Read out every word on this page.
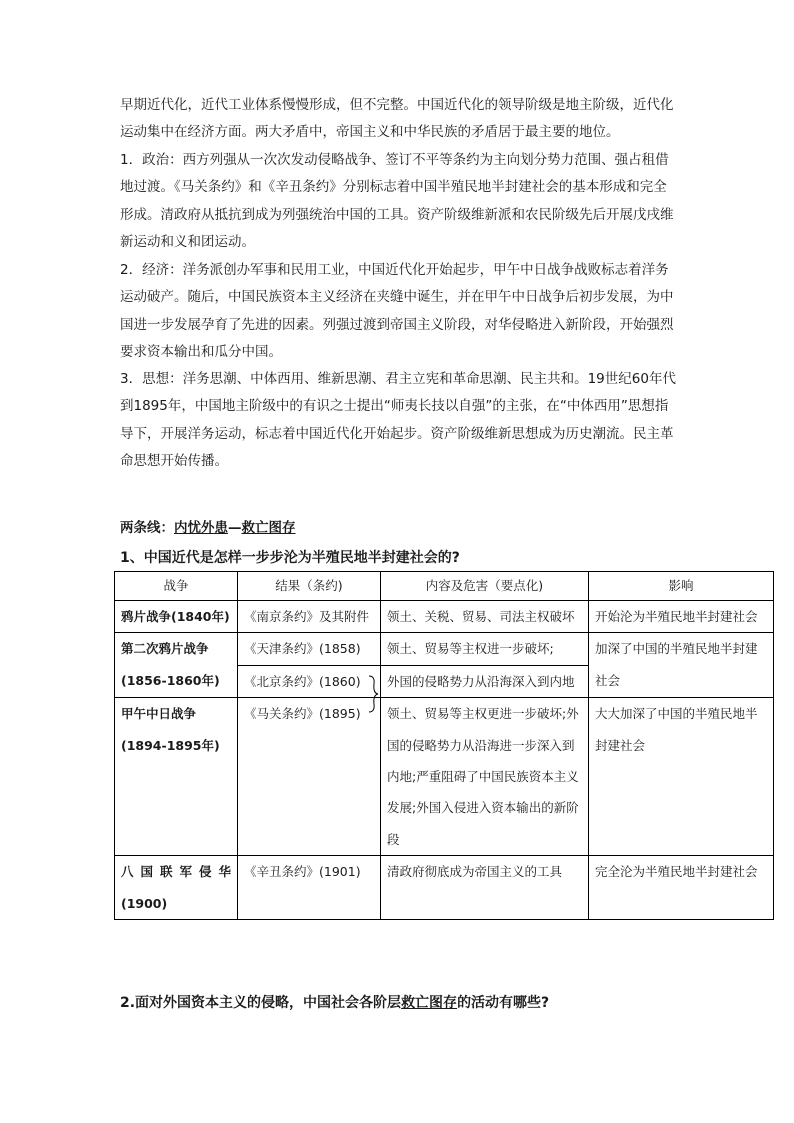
早期近代化，近代工业体系慢慢形成，但不完整。中国近代化的领导阶级是地主阶级，近代化运动集中在经济方面。两大矛盾中，帝国主义和中华民族的矛盾居于最主要的地位。

1．政治：西方列强从一次次发动侵略战争、签订不平等条约为主向划分势力范围、强占租借地过渡。《马关条约》和《辛丑条约》分别标志着中国半殖民地半封建社会的基本形成和完全形成。清政府从抵抗到成为列强统治中国的工具。资产阶级维新派和农民阶级先后开展戊戌维新运动和义和团运动。

2．经济：洋务派创办军事和民用工业，中国近代化开始起步，甲午中日战争战败标志着洋务运动破产。随后，中国民族资本主义经济在夹缝中诞生，并在甲午中日战争后初步发展，为中国进一步发展孕育了先进的因素。列强过渡到帝国主义阶段，对华侵略进入新阶段，开始强烈要求资本输出和瓜分中国。

3．思想：洋务思潮、中体西用、维新思潮、君主立宪和革命思潮、民主共和。19世纪60年代到1895年，中国地主阶级中的有识之士提出“师夷长技以自强”的主张，在“中体西用”思想指导下，开展洋务运动，标志着中国近代化开始起步。资产阶级维新思想成为历史潮流。民主革命思想开始传播。

两条线：内忧外患—救亡图存

1、中国近代是怎样一步步沦为半殖民地半封建社会的?

战争	结果（条约)	内容及危害（要点化)	影响
鸦片战争(1840年)	《南京条约》及其附件	领土、关税、贸易、司法主权破坏	开始沦为半殖民地半封建社会
第二次鸦片战争	《天津条约》(1858)	领土、贸易等主权进一步破坏;	加深了中国的半殖民地半封建社会
(1856-1860年)	《北京条约》(1860)	外国的侵略势力从沿海深入到内地	

甲午中日战争
(1894-1895年)	《马关条约》(1895)	领土、贸易等主权更进一步破坏;外国的侵略势力从沿海进一步深入到内地;严重阻碍了中国民族资本主义发展;外国入侵进入资本输出的新阶段	大大加深了中国的半殖民地半封建社会

八国联军侵华
(1900)	《辛丑条约》(1901)	清政府彻底成为帝国主义的工具	完全沦为半殖民地半封建社会

2.面对外国资本主义的侵略，中国社会各阶层救亡图存的活动有哪些?
